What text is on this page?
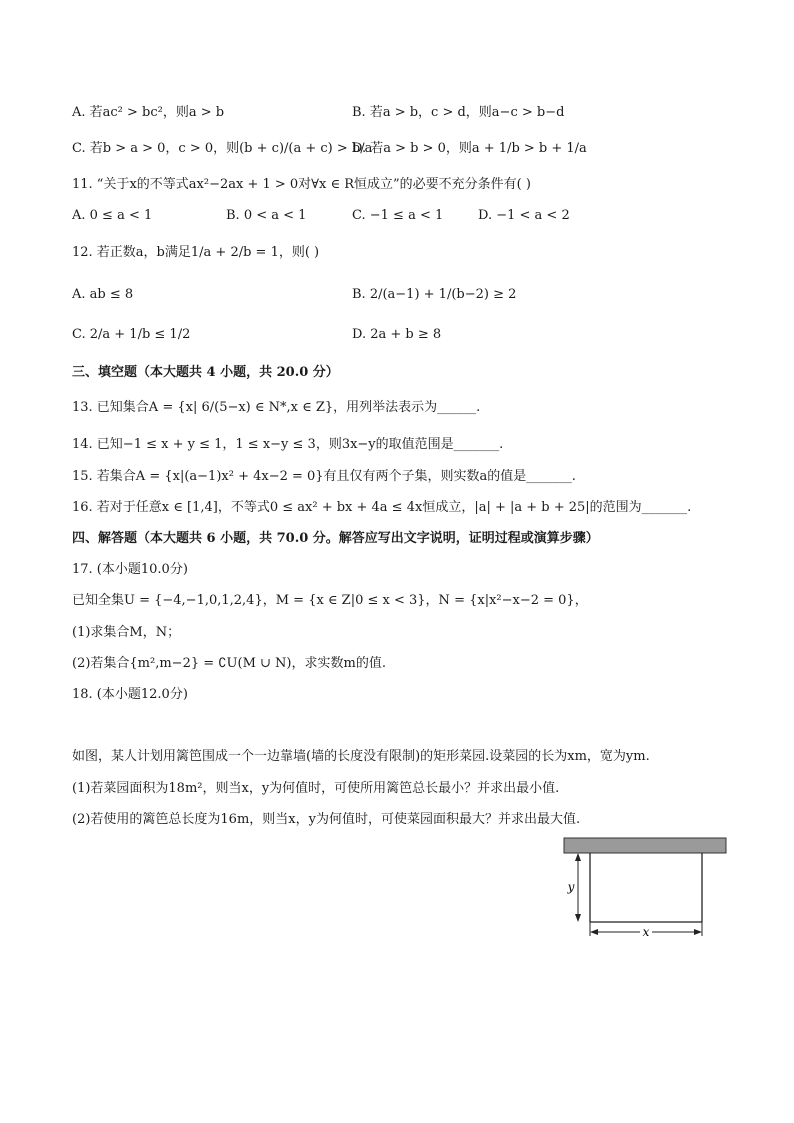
A. 若ac² > bc²，则a > b	B. 若a > b，c > d，则a−c > b−d
C. 若b > a > 0，c > 0，则(b + c)/(a + c) > b/a
D. 若a > b > 0，则a + 1/b > b + 1/a
11. “关于x的不等式ax²−2ax + 1 > 0对∀x ∈ R恒成立”的必要不充分条件有( )
A. 0 ≤ a < 1	B. 0 < a < 1	C. −1 ≤ a < 1	D. −1 < a < 2
12. 若正数a，b满足1/a + 2/b = 1，则( )
A. ab ≤ 8	B. 2/(a−1) + 1/(b−2) ≥ 2
C. 2/a + 1/b ≤ 1/2	D. 2a + b ≥ 8
三、填空题（本大题共 4 小题，共 20.0 分）
13. 已知集合A = {x| 6/(5−x) ∈ N*,x ∈ Z}，用列举法表示为______.
14. 已知−1 ≤ x + y ≤ 1，1 ≤ x−y ≤ 3，则3x−y的取值范围是_______.
15. 若集合A = {x|(a−1)x² + 4x−2 = 0}有且仅有两个子集，则实数a的值是_______.
16. 若对于任意x ∈ [1,4]，不等式0 ≤ ax² + bx + 4a ≤ 4x恒成立，|a| + |a + b + 25|的范围为_______.
四、解答题（本大题共 6 小题，共 70.0 分。解答应写出文字说明，证明过程或演算步骤）
17. (本小题10.0分)
已知全集U = {−4,−1,0,1,2,4}，M = {x ∈ Z|0 ≤ x < 3}，N = {x|x²−x−2 = 0}，
(1)求集合M，N；
(2)若集合{m²,m−2} = ∁U(M ∪ N)，求实数m的值.
18. (本小题12.0分)
如图，某人计划用篱笆围成一个一边靠墙(墙的长度没有限制)的矩形菜园.设菜园的长为xm，宽为ym.
(1)若菜园面积为18m²，则当x，y为何值时，可使所用篱笆总长最小？并求出最小值.
(2)若使用的篱笆总长度为16m，则当x，y为何值时，可使菜园面积最大？并求出最大值.
y
x
